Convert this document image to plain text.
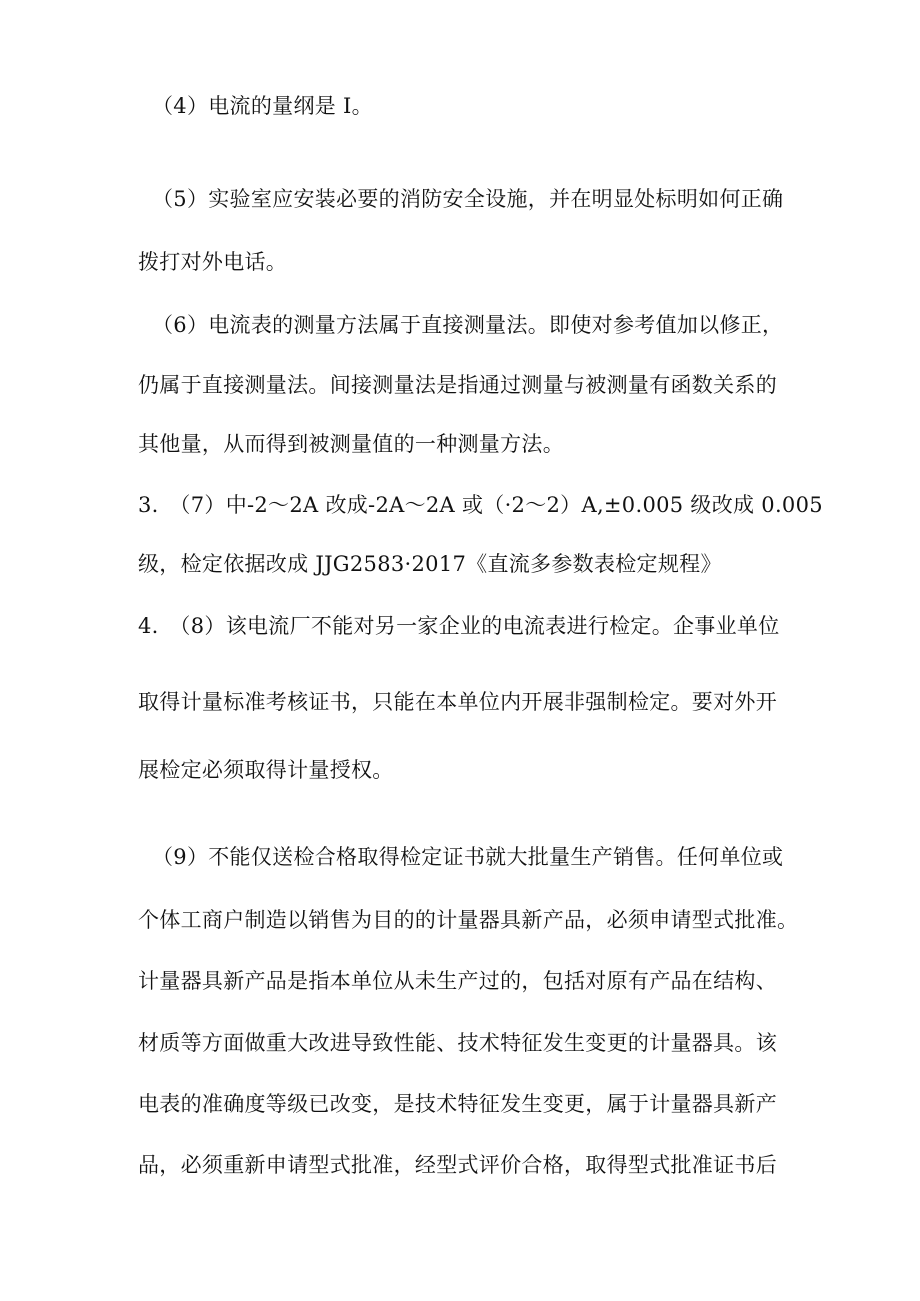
（4）电流的量纲是 I。
（5）实验室应安装必要的消防安全设施，并在明显处标明如何正确
拨打对外电话。
（6）电流表的测量方法属于直接测量法。即使对参考值加以修正，
仍属于直接测量法。间接测量法是指通过测量与被测量有函数关系的
其他量，从而得到被测量值的一种测量方法。
3.　（7）中-2～2A 改成-2A～2A 或（·2～2）A,±0.005 级改成 0.005
级，检定依据改成 JJG2583·2017《直流多参数表检定规程》
4.　（8）该电流厂不能对另一家企业的电流表进行检定。企事业单位
取得计量标准考核证书，只能在本单位内开展非强制检定。要对外开
展检定必须取得计量授权。
（9）不能仅送检合格取得检定证书就大批量生产销售。任何单位或
个体工商户制造以销售为目的的计量器具新产品，必须申请型式批准。
计量器具新产品是指本单位从未生产过的，包括对原有产品在结构、
材质等方面做重大改进导致性能、技术特征发生变更的计量器具。该
电表的准确度等级已改变，是技术特征发生变更，属于计量器具新产
品，必须重新申请型式批准，经型式评价合格，取得型式批准证书后
